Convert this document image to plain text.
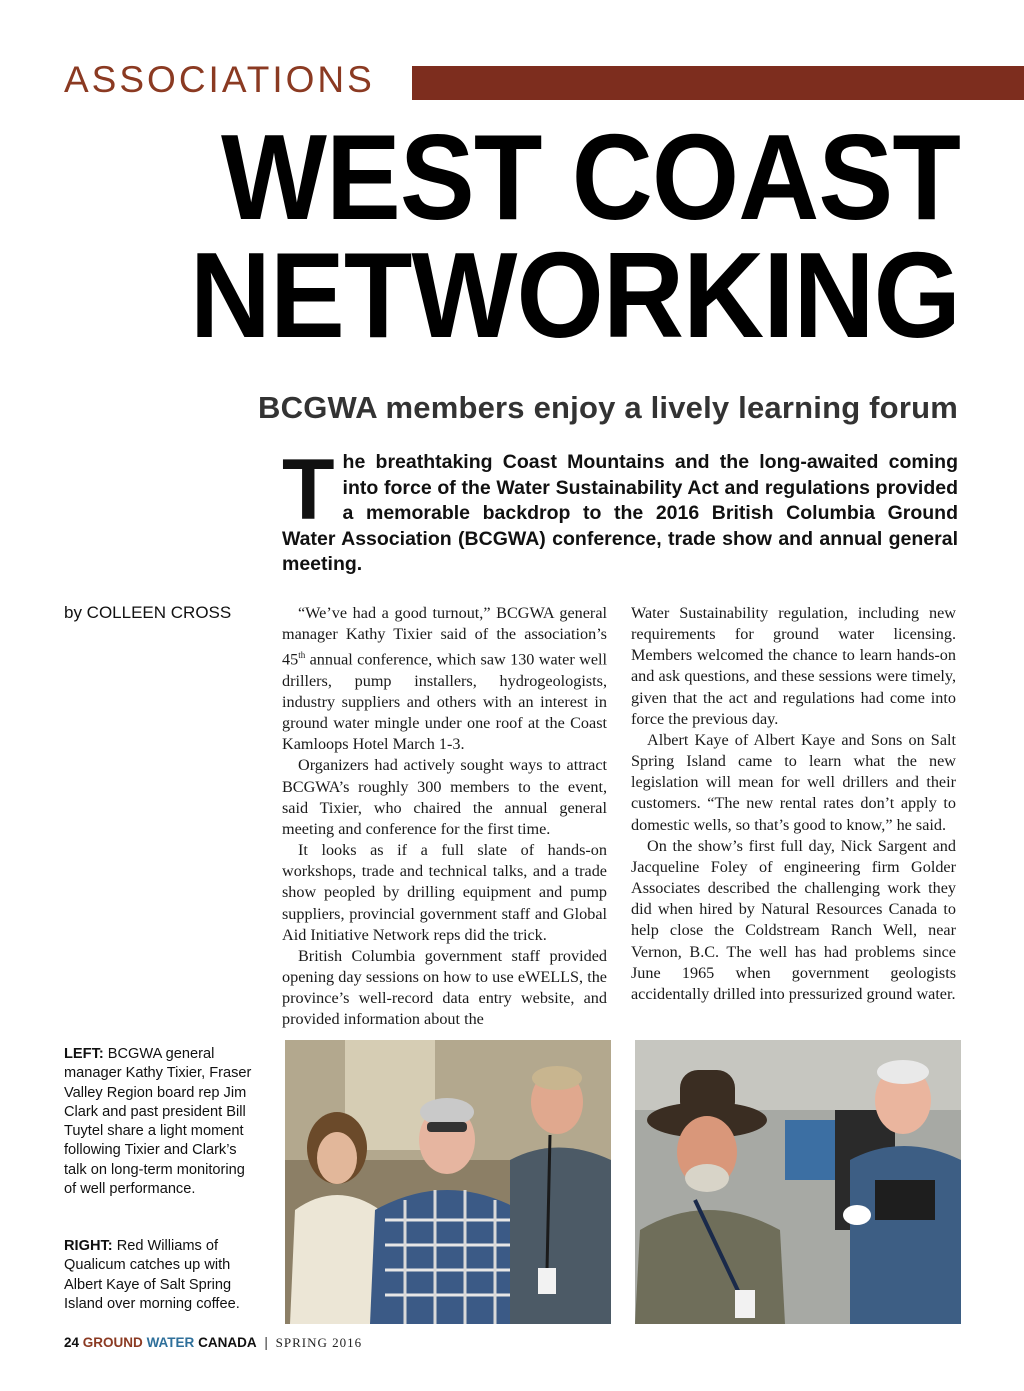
ASSOCIATIONS
WEST COAST
NETWORKING
BCGWA members enjoy a lively learning forum
The breathtaking Coast Mountains and the long-awaited coming into force of the Water Sustainability Act and regulations provided a memorable backdrop to the 2016 British Columbia Ground Water Association (BCGWA) conference, trade show and annual general meeting.
by COLLEEN CROSS	“We’ve had a good turnout,” BCGWA general manager Kathy Tixier said of the association’s 45th annual conference, which saw 130 water well drillers, pump installers, hydrogeologists, industry suppliers and others with an interest in ground water mingle under one roof at the Coast Kamloops Hotel March 1-3.

Organizers had actively sought ways to attract BCGWA’s roughly 300 members to the event, said Tixier, who chaired the annual general meeting and conference for the first time.

It looks as if a full slate of hands-on workshops, trade and technical talks, and a trade show peopled by drilling equipment and pump suppliers, provincial government staff and Global Aid Initiative Network reps did the trick.

British Columbia government staff provided opening day sessions on how to use eWELLS, the province’s well-record data entry website, and provided information about the

Water Sustainability regulation, including new requirements for ground water licensing. Members welcomed the chance to learn hands-on and ask questions, and these sessions were timely, given that the act and regulations had come into force the previous day.

Albert Kaye of Albert Kaye and Sons on Salt Spring Island came to learn what the new legislation will mean for well drillers and their customers. “The new rental rates don’t apply to domestic wells, so that’s good to know,” he said.

On the show’s first full day, Nick Sargent and Jacqueline Foley of engineering firm Golder Associates described the challenging work they did when hired by Natural Resources Canada to help close the Coldstream Ranch Well, near Vernon, B.C. The well has had problems since June 1965 when government geologists accidentally drilled into pressurized ground water.

LEFT: BCGWA general manager Kathy Tixier, Fraser Valley Region board rep Jim Clark and past president Bill Tuytel share a light moment following Tixier and Clark’s talk on long-term monitoring of well performance.
RIGHT: Red Williams of Qualicum catches up with Albert Kaye of Salt Spring Island over morning coffee.
24 GROUND WATER CANADA | SPRING 2016
